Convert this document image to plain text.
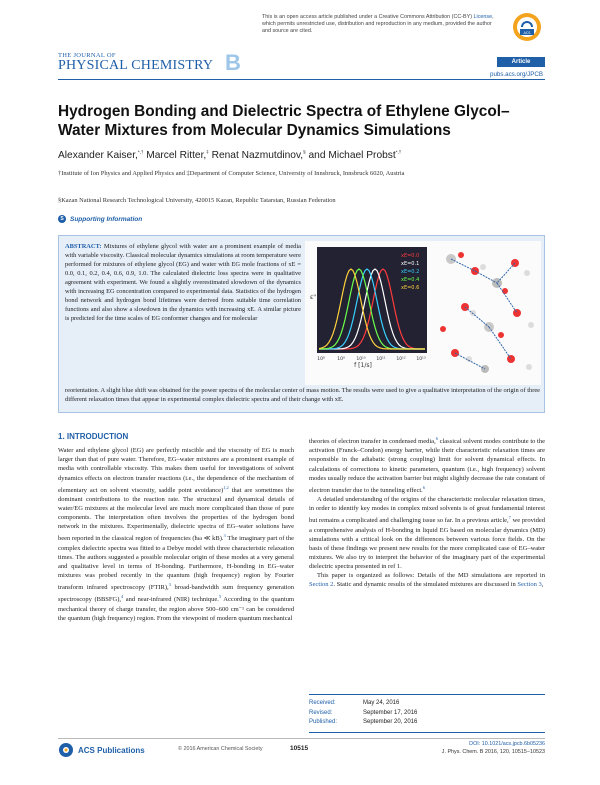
This is an open access article published under a Creative Commons Attribution (CC-BY) License, which permits unrestricted use, distribution and reproduction in any medium, provided the author and source are cited.	ACS
THE JOURNAL OF
PHYSICAL CHEMISTRY B	Article
pubs.acs.org/JPCB
Hydrogen Bonding and Dielectric Spectra of Ethylene Glycol–Water Mixtures from Molecular Dynamics Simulations
Alexander Kaiser,*,† Marcel Ritter,‡ Renat Nazmutdinov,§ and Michael Probst*,†
†Institute of Ion Physics and Applied Physics and ‡Department of Computer Science, University of Innsbruck, Innsbruck 6020, Austria
§Kazan National Research Technological University, 420015 Kazan, Republic Tatarstan, Russian Federation
S Supporting Information
ABSTRACT: Mixtures of ethylene glycol with water are a prominent example of media with variable viscosity. Classical molecular dynamics simulations at room temperature were performed for mixtures of ethylene glycol (EG) and water with EG mole fractions of xE = 0.0, 0.1, 0.2, 0.4, 0.6, 0.9, 1.0. The calculated dielectric loss spectra were in qualitative agreement with experiment. We found a slightly overestimated slowdown of the dynamics with increasing EG concentration compared to experimental data. Statistics of the hydrogen bond network and hydrogen bond lifetimes were derived from suitable time correlation functions and also show a slowdown in the dynamics with increasing xE. A similar picture is predicted for the time scales of EG conformer changes and for molecular
xE=0.0
xE=0.1
xE=0.2
xE=0.4
xE=0.6
10⁸	10⁹	10¹⁰ 10¹¹ 10¹² 10¹³
ε''
f [1/s]
reorientation. A slight blue shift was obtained for the power spectra of the molecular center of mass motion. The results were used to give a qualitative interpretation of the origin of three different relaxation times that appear in experimental complex dielectric spectra and of their change with xE.
1. INTRODUCTION

Water and ethylene glycol (EG) are perfectly miscible and the viscosity of EG is much larger than that of pure water. Therefore, EG–water mixtures are a prominent example of media with controllable viscosity. This makes them useful for investigations of solvent dynamics effects on electron transfer reactions (i.e., the dependence of the mechanism of elementary act on solvent viscosity, saddle point avoidance)$^{1,2}$ that are sometimes the dominant contributions to the reaction rate. The structural and dynamical details of water/EG mixtures at the molecular level are much more complicated than those of pure components. The interpretation often involves the properties of the hydrogen bond network in the mixtures. Experimentally, dielectric spectra of EG–water solutions have been reported in the classical region of frequencies (ħω ≪ kB).$^3$ The imaginary part of the complex dielectric spectra was fitted to a Debye model with three characteristic relaxation times. The authors suggested a possible molecular origin of these modes at a very general and qualitative level in terms of H-bonding. Furthermore, H-bonding in EG–water mixtures was probed recently in the quantum (high frequency) region by Fourier transform infrared spectroscopy (FTIR),$^3$ broad-bandwidth sum frequency generation spectroscopy (BBSFG),$^4$ and near-infrared (NIR) technique.$^5$ According to the quantum mechanical theory of charge transfer, the region above 500–600 cm⁻¹ can be considered the quantum (high frequency) region. From the viewpoint of modern quantum mechanical

theories of electron transfer in condensed media,$^6$ classical solvent modes contribute to the activation (Franck–Condon) energy barrier, while their characteristic relaxation times are responsible in the adiabatic (strong coupling) limit for solvent dynamical effects. In calculations of corrections to kinetic parameters, quantum (i.e., high frequency) solvent modes usually reduce the activation barrier but might slightly decrease the rate constant of electron transfer due to the tunneling effect.$^6$

A detailed understanding of the origins of the characteristic molecular relaxation times, in order to identify key modes in complex mixed solvents is of great fundamental interest but remains a complicated and challenging issue so far. In a previous article,$^7$ we provided a comprehensive analysis of H-bonding in liquid EG based on molecular dynamics (MD) simulations with a critical look on the differences between various force fields. On the basis of these findings we present new results for the more complicated case of EG–water mixtures. We also try to interpret the behavior of the imaginary part of the experimental dielectric spectra presented in ref 1.

This paper is organized as follows: Details of the MD simulations are reported in Section 2. Static and dynamic results of the simulated mixtures are discussed in Section 3,

Received:	May 24, 2016
Revised:	September 17, 2016
Published:	September 20, 2016
ACS Publications	© 2016 American Chemical Society	10515
DOI: 10.1021/acs.jpcb.6b05236
J. Phys. Chem. B 2016, 120, 10515−10523
